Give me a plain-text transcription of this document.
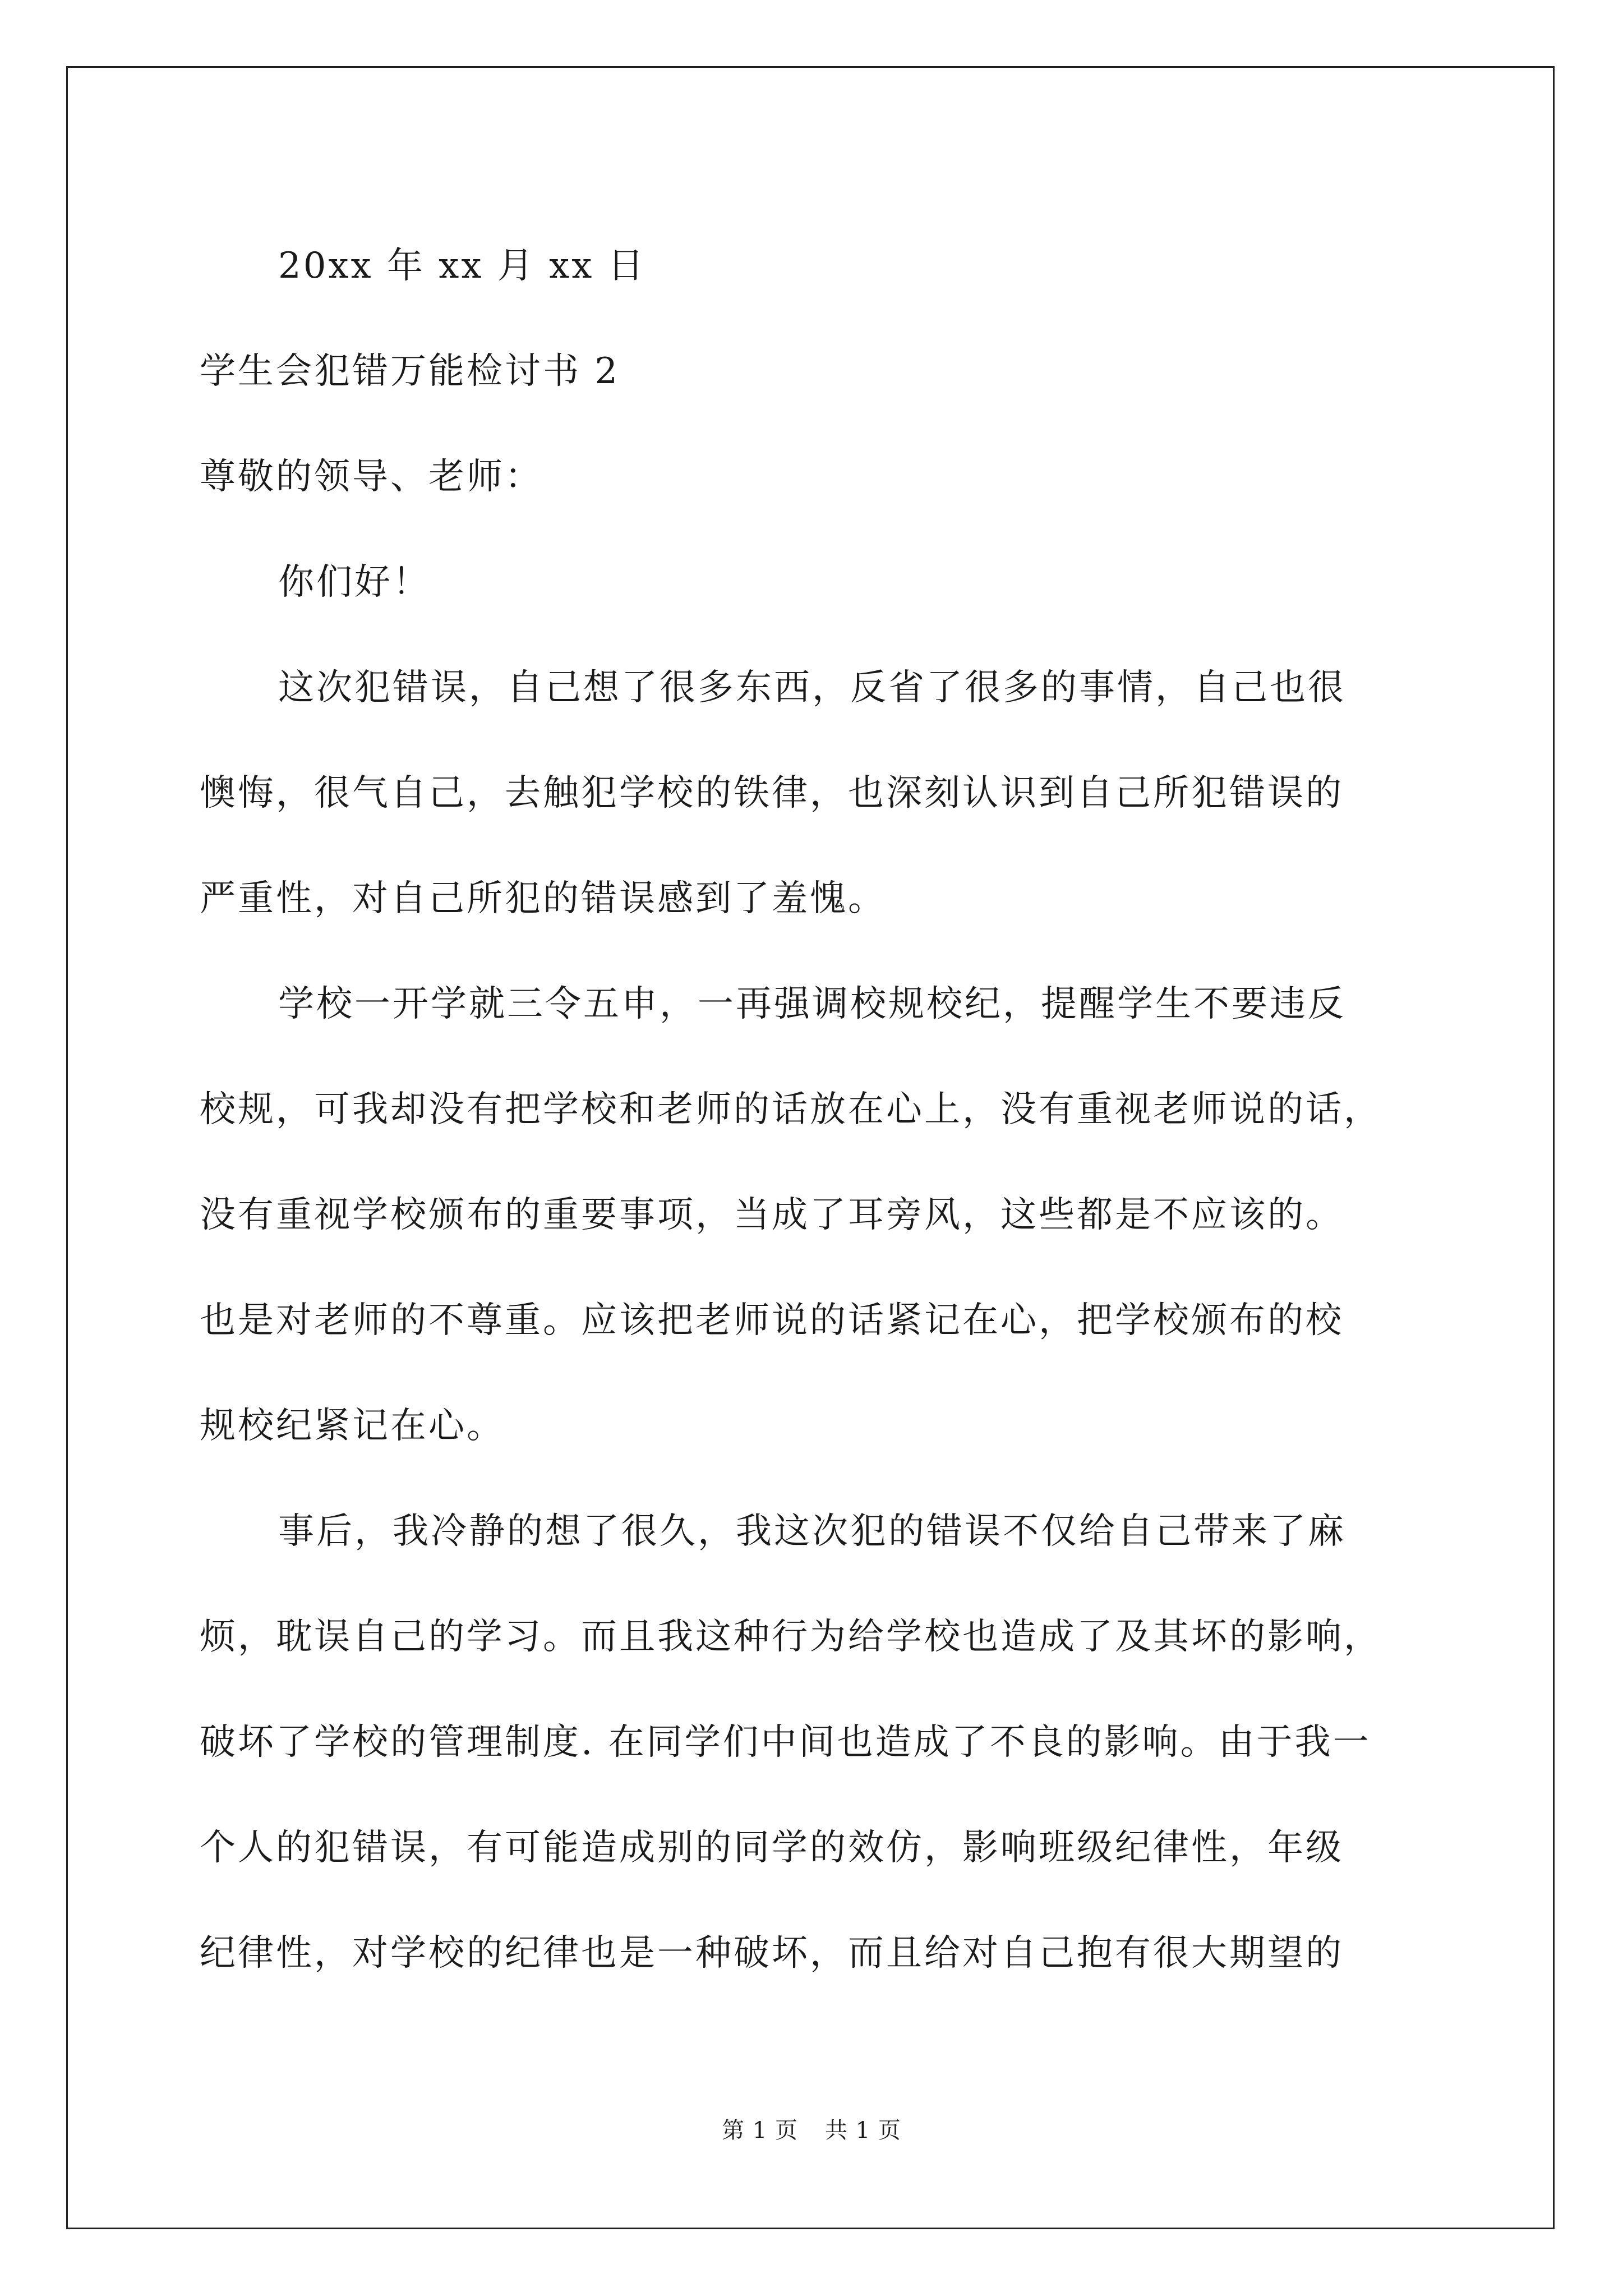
20xx 年 xx 月 xx 日
学生会犯错万能检讨书 2
尊敬的领导、老师：
你们好！
这次犯错误，自己想了很多东西，反省了很多的事情，自己也很
懊悔，很气自己，去触犯学校的铁律，也深刻认识到自己所犯错误的
严重性，对自己所犯的错误感到了羞愧。
学校一开学就三令五申，一再强调校规校纪，提醒学生不要违反
校规，可我却没有把学校和老师的话放在心上，没有重视老师说的话，
没有重视学校颁布的重要事项，当成了耳旁风，这些都是不应该的。
也是对老师的不尊重。应该把老师说的话紧记在心，把学校颁布的校
规校纪紧记在心。
事后，我冷静的想了很久，我这次犯的错误不仅给自己带来了麻
烦，耽误自己的学习。而且我这种行为给学校也造成了及其坏的影响，
破坏了学校的管理制度. 在同学们中间也造成了不良的影响。由于我一
个人的犯错误，有可能造成别的同学的效仿，影响班级纪律性，年级
纪律性，对学校的纪律也是一种破坏，而且给对自己抱有很大期望的
第 1 页 共 1 页
